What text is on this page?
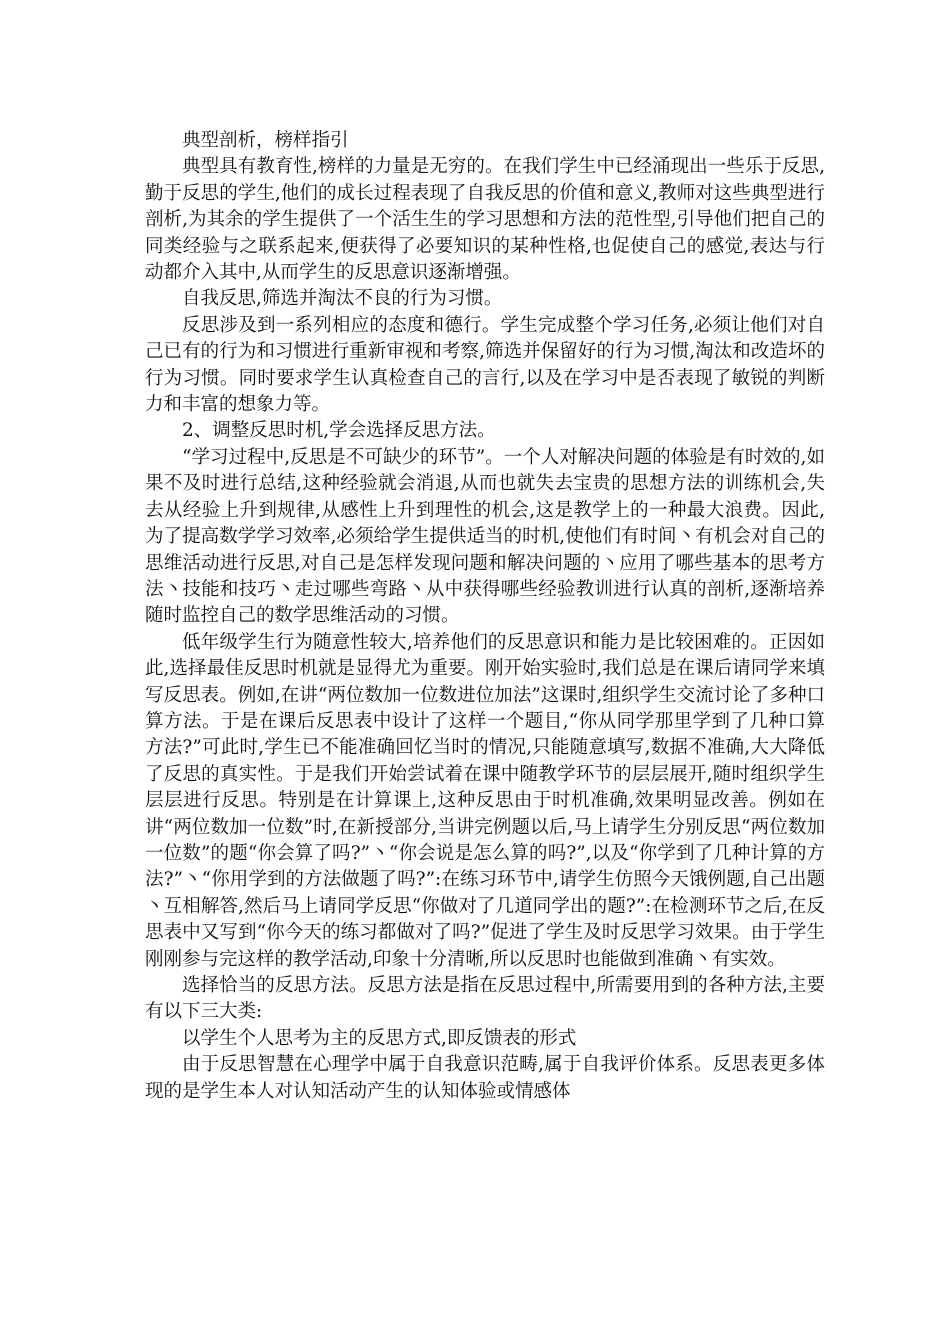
典型剖析，榜样指引

典型具有教育性,榜样的力量是无穷的。在我们学生中已经涌现出一些乐于反思,勤于反思的学生,他们的成长过程表现了自我反思的价值和意义,教师对这些典型进行剖析,为其余的学生提供了一个活生生的学习思想和方法的范性型,引导他们把自己的同类经验与之联系起来,便获得了必要知识的某种性格,也促使自己的感觉,表达与行动都介入其中,从而学生的反思意识逐渐增强。

自我反思,筛选并淘汰不良的行为习惯。

反思涉及到一系列相应的态度和德行。学生完成整个学习任务,必须让他们对自己已有的行为和习惯进行重新审视和考察,筛选并保留好的行为习惯,淘汰和改造坏的行为习惯。同时要求学生认真检查自己的言行,以及在学习中是否表现了敏锐的判断力和丰富的想象力等。

2、调整反思时机,学会选择反思方法。

“学习过程中,反思是不可缺少的环节”。一个人对解决问题的体验是有时效的,如果不及时进行总结,这种经验就会消退,从而也就失去宝贵的思想方法的训练机会,失去从经验上升到规律,从感性上升到理性的机会,这是教学上的一种最大浪费。因此,为了提高数学学习效率,必须给学生提供适当的时机,使他们有时间丶有机会对自己的思维活动进行反思,对自己是怎样发现问题和解决问题的丶应用了哪些基本的思考方法丶技能和技巧丶走过哪些弯路丶从中获得哪些经验教训进行认真的剖析,逐渐培养随时监控自己的数学思维活动的习惯。

低年级学生行为随意性较大,培养他们的反思意识和能力是比较困难的。正因如此,选择最佳反思时机就是显得尤为重要。刚开始实验时,我们总是在课后请同学来填写反思表。例如,在讲“两位数加一位数进位加法”这课时,组织学生交流讨论了多种口算方法。于是在课后反思表中设计了这样一个题目,“你从同学那里学到了几种口算方法?”可此时,学生已不能准确回忆当时的情况,只能随意填写,数据不准确,大大降低了反思的真实性。于是我们开始尝试着在课中随教学环节的层层展开,随时组织学生层层进行反思。特别是在计算课上,这种反思由于时机准确,效果明显改善。例如在讲“两位数加一位数”时,在新授部分,当讲完例题以后,马上请学生分别反思“两位数加一位数”的题“你会算了吗?”丶“你会说是怎么算的吗?”,以及“你学到了几种计算的方法?”丶“你用学到的方法做题了吗?”:在练习环节中,请学生仿照今天饿例题,自己出题丶互相解答,然后马上请同学反思“你做对了几道同学出的题?”:在检测环节之后,在反思表中又写到“你今天的练习都做对了吗?”促进了学生及时反思学习效果。由于学生刚刚参与完这样的教学活动,印象十分清晰,所以反思时也能做到准确丶有实效。

选择恰当的反思方法。反思方法是指在反思过程中,所需要用到的各种方法,主要有以下三大类:

以学生个人思考为主的反思方式,即反馈表的形式

由于反思智慧在心理学中属于自我意识范畴,属于自我评价体系。反思表更多体现的是学生本人对认知活动产生的认知体验或情感体
